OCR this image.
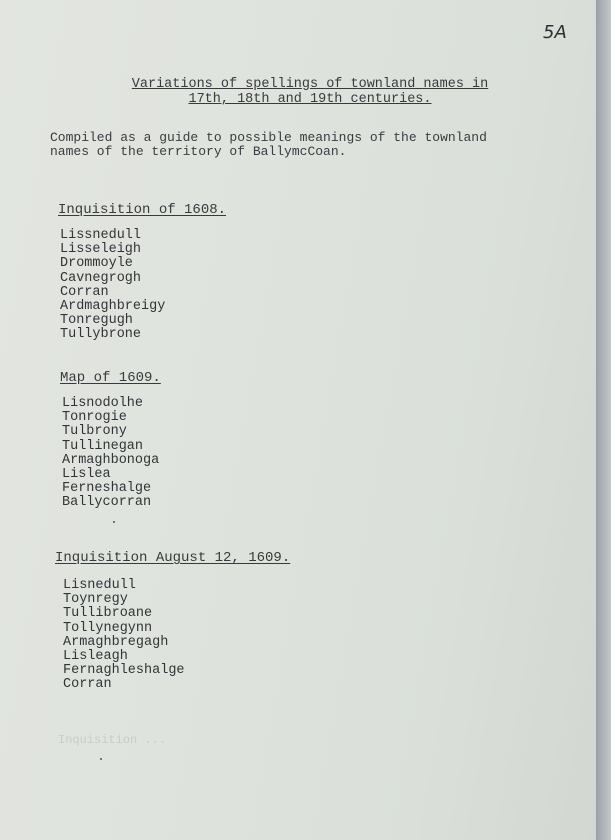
5A
Variations of spellings of townland names in
17th, 18th and 19th centuries.
Compiled as a guide to possible meanings of the townland
names of the territory of BallymcCoan.
Inquisition of 1608.
Lissnedull
Lisseleigh
Drommoyle
Cavnegrogh
Corran
Ardmaghbreigy
Tonregugh
Tullybrone
Map of 1609.
Lisnodolhe
Tonrogie
Tulbrony
Tullinegan
Armaghbonoga
Lislea
Ferneshalge
Ballycorran
Inquisition August 12, 1609.
Lisnedull
Toynregy
Tullibroane
Tollynegynn
Armaghbregagh
Lisleagh
Fernaghleshalge
Corran
Inquisition ...
